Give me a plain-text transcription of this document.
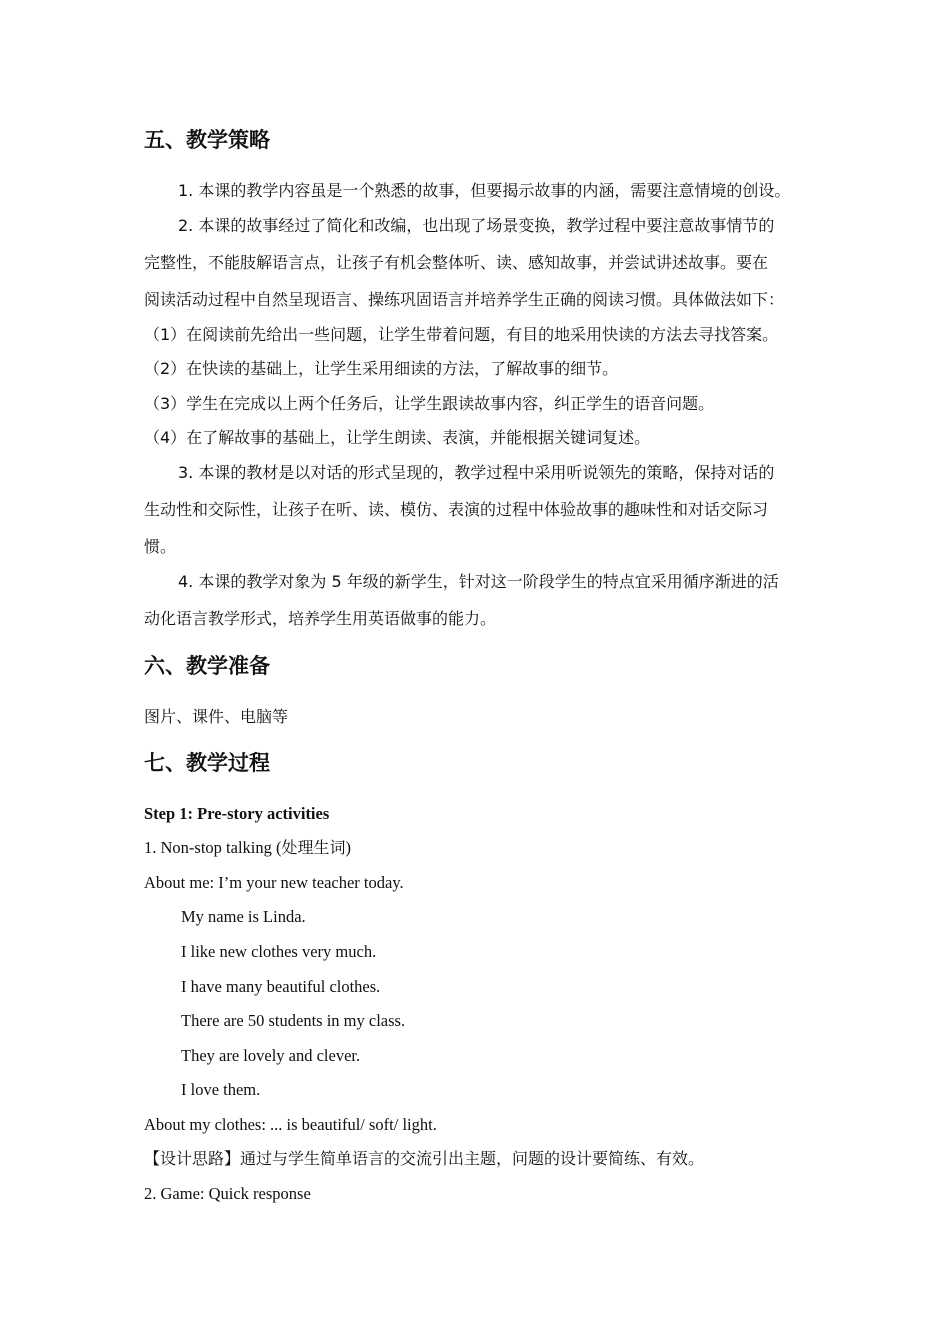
五、教学策略
1. 本课的教学内容虽是一个熟悉的故事，但要揭示故事的内涵，需要注意情境的创设。
2. 本课的故事经过了简化和改编，也出现了场景变换，教学过程中要注意故事情节的
完整性，不能肢解语言点，让孩子有机会整体听、读、感知故事，并尝试讲述故事。要在
阅读活动过程中自然呈现语言、操练巩固语言并培养学生正确的阅读习惯。具体做法如下：
（1）在阅读前先给出一些问题，让学生带着问题，有目的地采用快读的方法去寻找答案。
（2）在快读的基础上，让学生采用细读的方法，了解故事的细节。
（3）学生在完成以上两个任务后，让学生跟读故事内容，纠正学生的语音问题。
（4）在了解故事的基础上，让学生朗读、表演，并能根据关键词复述。
3. 本课的教材是以对话的形式呈现的，教学过程中采用听说领先的策略，保持对话的
生动性和交际性，让孩子在听、读、模仿、表演的过程中体验故事的趣味性和对话交际习
惯。
4. 本课的教学对象为 5 年级的新学生，针对这一阶段学生的特点宜采用循序渐进的活
动化语言教学形式，培养学生用英语做事的能力。
六、教学准备
图片、课件、电脑等
七、教学过程
Step 1: Pre-story activities
1. Non-stop talking (处理生词)
About me: I’m your new teacher today.
My name is Linda.
I like new clothes very much.
I have many beautiful clothes.
There are 50 students in my class.
They are lovely and clever.
I love them.
About my clothes: ... is beautiful/ soft/ light.
【设计思路】通过与学生简单语言的交流引出主题，问题的设计要简练、有效。
2. Game: Quick response
